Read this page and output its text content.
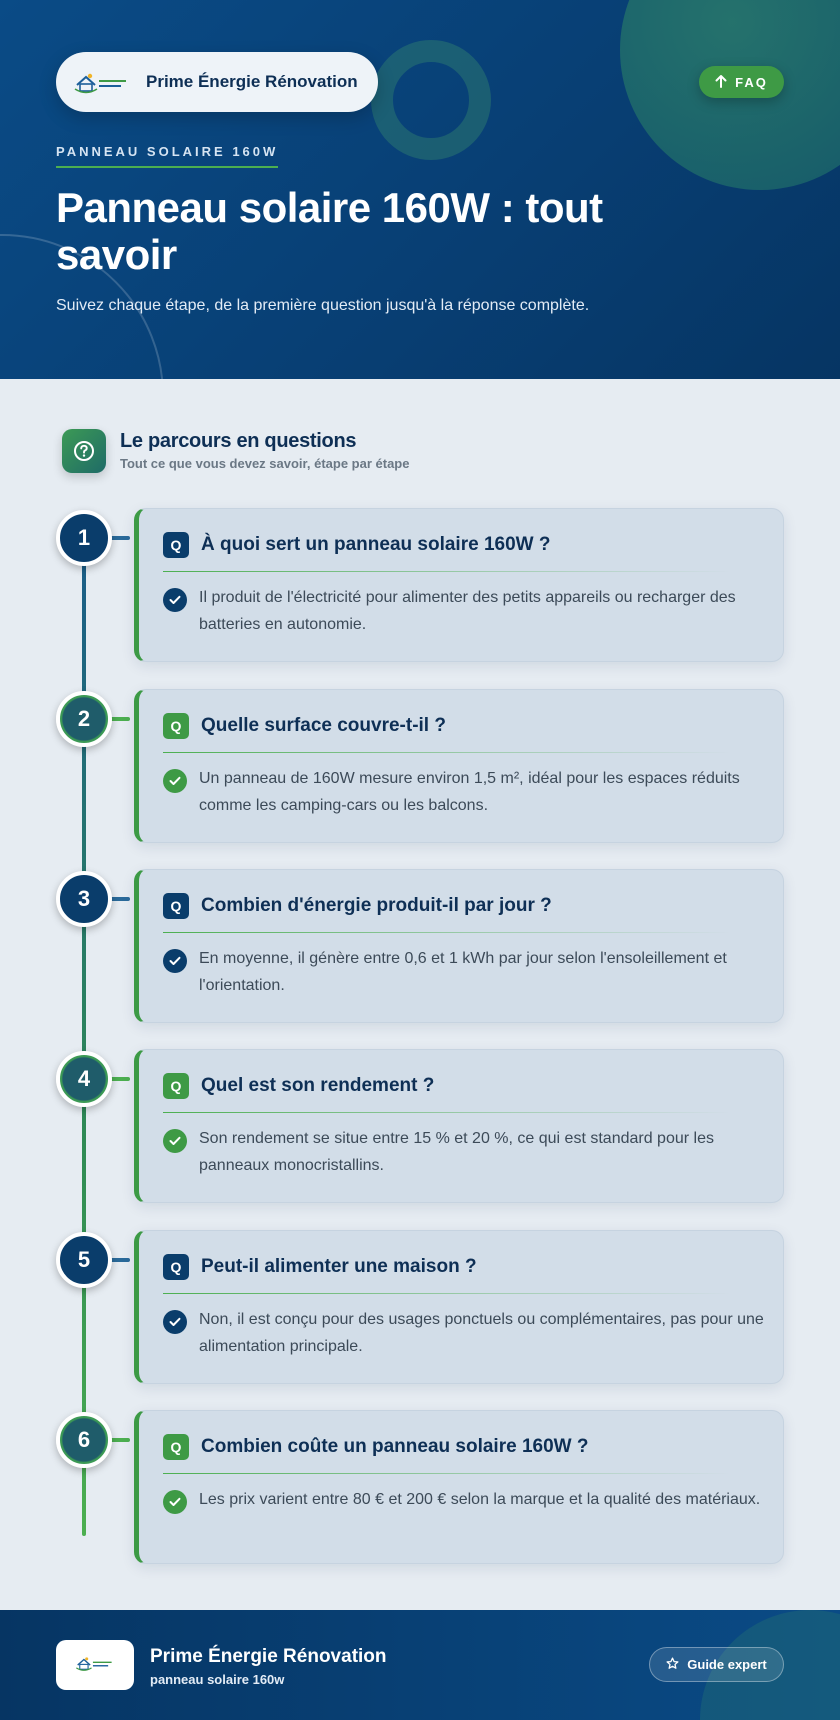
Prime Énergie Rénovation	FAQ
PANNEAU SOLAIRE 160W
Panneau solaire 160W : tout savoir

Suivez chaque étape, de la première question jusqu'à la réponse complète.

Le parcours en questions
Tout ce que vous devez savoir, étape par étape
1	Q	À quoi sert un panneau solaire 160W ?
Il produit de l'électricité pour alimenter des petits appareils ou recharger des batteries en autonomie.
2	Q	Quelle surface couvre-t-il ?
Un panneau de 160W mesure environ 1,5 m², idéal pour les espaces réduits comme les camping-cars ou les balcons.
3	Q	Combien d'énergie produit-il par jour ?
En moyenne, il génère entre 0,6 et 1 kWh par jour selon l'ensoleillement et l'orientation.
4	Q	Quel est son rendement ?
Son rendement se situe entre 15 % et 20 %, ce qui est standard pour les panneaux monocristallins.
5	Q	Peut-il alimenter une maison ?
Non, il est conçu pour des usages ponctuels ou complémentaires, pas pour une alimentation principale.
6	Q	Combien coûte un panneau solaire 160W ?
Les prix varient entre 80 € et 200 € selon la marque et la qualité des matériaux.
Prime Énergie Rénovation
panneau solaire 160w
Guide expert
